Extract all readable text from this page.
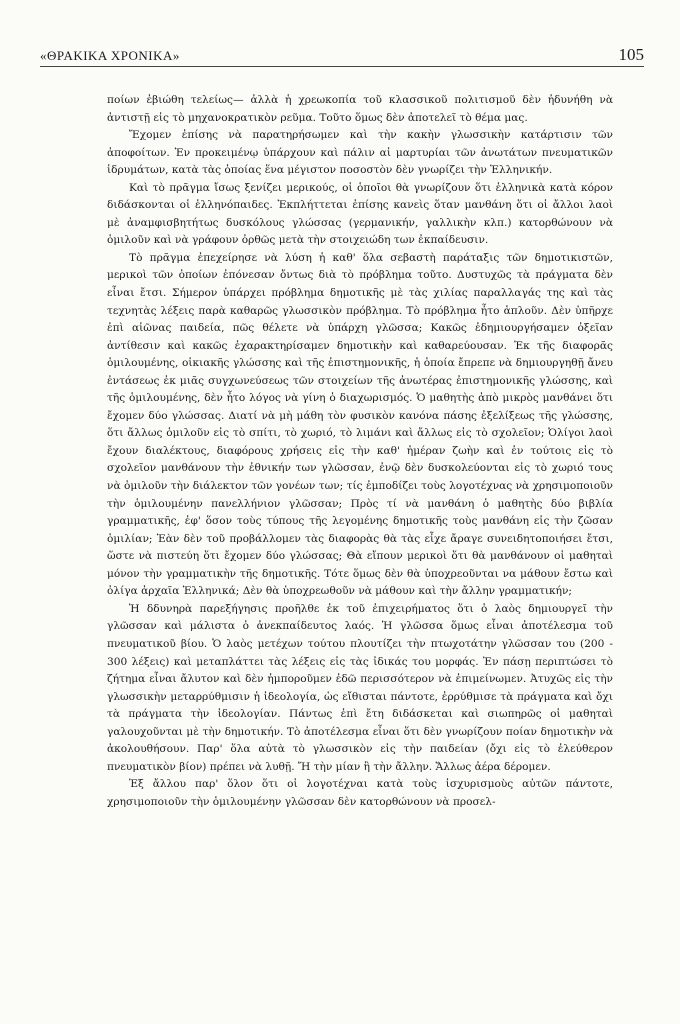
«ΘΡΑΚΙΚΑ ΧΡΟΝΙΚΑ»	105

ποίων ἐβιώθη τελείως— ἀλλὰ ἡ χρεωκοπία τοῦ κλασσικοῦ πολιτισμοῦ δὲν ἠδυνήθη νὰ ἀντιστῇ εἰς τὸ μηχανοκρατικὸν ρεῦμα. Τοῦτο ὅμως δὲν ἀποτελεῖ τὸ θέμα μας.

Ἔχομεν ἐπίσης νὰ παρατηρήσωμεν καὶ τὴν κακὴν γλωσσικὴν κατάρτισιν τῶν ἀποφοίτων. Ἐν προκειμένῳ ὑπάρχουν καὶ πάλιν αἱ μαρτυρίαι τῶν ἀνωτάτων πνευματικῶν ἱδρυμάτων, κατὰ τὰς ὁποίας ἕνα μέγιστον ποσοστὸν δὲν γνωρίζει τὴν Ἑλληνικήν.

Καὶ τὸ πρᾶγμα ἴσως ξενίζει μερικούς, οἱ ὁποῖοι θὰ γνωρίζουν ὅτι ἑλληνικὰ κατὰ κόρον διδάσκονται οἱ ἑλληνόπαιδες. Ἐκπλήττεται ἐπίσης κανεὶς ὅταν μανθάνη ὅτι οἱ ἄλλοι λαοὶ μὲ ἀναμφισβητήτως δυσκόλους γλώσσας (γερμανικήν, γαλλικὴν κλπ.) κατορθώνουν νὰ ὁμιλοῦν καὶ νὰ γράφουν ὀρθῶς μετὰ τὴν στοιχειώδη των ἐκπαίδευσιν.

Τὸ πρᾶγμα ἐπεχείρησε νὰ λύση ἡ καθ' ὅλα σεβαστὴ παράταξις τῶν δημοτικιστῶν, μερικοὶ τῶν ὁποίων ἐπόνεσαν ὄντως διὰ τὸ πρόβλημα τοῦτο. Δυστυχῶς τὰ πράγματα δὲν εἶναι ἔτσι. Σήμερον ὑπάρχει πρόβλημα δημοτικῆς μὲ τὰς χιλίας παραλλαγάς της καὶ τὰς τεχνητὰς λέξεις παρὰ καθαρῶς γλωσσικὸν πρόβλημα. Τὸ πρόβλημα ἦτο ἁπλοῦν. Δὲν ὑπῆρχε ἐπὶ αἰῶνας παιδεία, πῶς θέλετε νὰ ὑπάρχη γλῶσσα; Κακῶς ἐδημιουργήσαμεν ὀξεῖαν ἀντίθεσιν καὶ κακῶς ἐχαρακτηρίσαμεν δημοτικὴν καὶ καθαρεύουσαν. Ἐκ τῆς διαφορᾶς ὁμιλουμένης, οἰκιακῆς γλώσσης καὶ τῆς ἐπιστημονικῆς, ἡ ὁποία ἔπρεπε νὰ δημιουργηθῇ ἄνευ ἐντάσεως ἐκ μιᾶς συγχωνεύσεως τῶν στοιχείων τῆς ἀνωτέρας ἐπιστημονικῆς γλώσσης, καὶ τῆς ὁμιλουμένης, δὲν ἦτο λόγος νὰ γίνη ὁ διαχωρισμός. Ὁ μαθητὴς ἀπὸ μικρὸς μανθάνει ὅτι ἔχομεν δύο γλώσσας. Διατί νὰ μὴ μάθη τὸν φυσικὸν κανόνα πάσης ἐξελίξεως τῆς γλώσσης, ὅτι ἄλλως ὁμιλοῦν εἰς τὸ σπίτι, τὸ χωριό, τὸ λιμάνι καὶ ἄλλως εἰς τὸ σχολεῖον; Ὀλίγοι λαοὶ ἔχουν διαλέκτους, διαφόρους χρήσεις εἰς τὴν καθ' ἡμέραν ζωὴν καὶ ἐν τούτοις εἰς τὸ σχολεῖον μανθάνουν τὴν ἐθνικήν των γλῶσσαν, ἐνῷ δὲν δυσκολεύονται εἰς τὸ χωριό τους νὰ ὁμιλοῦν τὴν διάλεκτον τῶν γονέων των; τίς ἐμποδίζει τοὺς λογοτέχνας νὰ χρησιμοποιοῦν τὴν ὁμιλουμένην πανελλήνιον γλῶσσαν; Πρὸς τί νὰ μανθάνη ὁ μαθητὴς δύο βιβλία γραμματικῆς, ἐφ' ὅσον τοὺς τύπους τῆς λεγομένης δημοτικῆς τοὺς μανθάνη εἰς τὴν ζῶσαν ὁμιλίαν; Ἐὰν δὲν τοῦ προβάλλομεν τὰς διαφορὰς θὰ τὰς εἶχε ἄραγε συνειδητοποιήσει ἔτσι, ὥστε νὰ πιστεύη ὅτι ἔχομεν δύο γλώσσας; Θὰ εἴπουν μερικοὶ ὅτι θὰ μανθάνουν οἱ μαθηταὶ μόνον τὴν γραμματικὴν τῆς δημοτικῆς. Τότε ὅμως δὲν θὰ ὑποχρεοῦνται να μάθουν ἔστω καὶ ὀλίγα ἀρχαῖα Ἑλληνικά; Δὲν θὰ ὑποχρεωθοῦν νὰ μάθουν καὶ τὴν ἄλλην γραμματικήν;

Ἡ δδυνηρὰ παρεξήγησις προῆλθε ἐκ τοῦ ἐπιχειρήματος ὅτι ὁ λαὸς δημιουργεῖ τὴν γλῶσσαν καὶ μάλιστα ὁ ἀνεκπαίδευτος λαός. Ἡ γλῶσσα ὅμως εἶναι ἀποτέλεσμα τοῦ πνευματικοῦ βίου. Ὁ λαὸς μετέχων τούτου πλουτίζει τὴν πτωχοτάτην γλῶσσαν του (200 - 300 λέξεις) καὶ μεταπλάττει τὰς λέξεις εἰς τὰς ἰδικάς του μορφάς. Ἐν πάσῃ περιπτώσει τὸ ζήτημα εἶναι ἄλυτον καὶ δὲν ἠμποροῦμεν ἐδῶ περισσότερον νὰ ἐπιμείνωμεν. Ἀτυχῶς εἰς τὴν γλωσσικὴν μεταρρύθμισιν ἡ ἰδεολογία, ὡς εἴθισται πάντοτε, ἐρρύθμισε τὰ πράγματα καὶ ὄχι τὰ πράγματα τὴν ἰδεολογίαν. Πάντως ἐπὶ ἔτη διδάσκεται καὶ σιωπηρῶς οἱ μαθηταὶ γαλουχοῦνται μὲ τὴν δημοτικήν. Τὸ ἀποτέλεσμα εἶναι ὅτι δὲν γνωρίζουν ποίαν δημοτικὴν νὰ ἀκολουθήσουν. Παρ' ὅλα αὐτὰ τὸ γλωσσικὸν εἰς τὴν παιδείαν (ὄχι εἰς τὸ ἐλεύθερον πνευματικὸν βίον) πρέπει νὰ λυθῇ. Ἤ τὴν μίαν ἢ τὴν ἄλλην. Ἄλλως ἀέρα δέρομεν.

Ἐξ ἄλλου παρ' ὅλον ὅτι οἱ λογοτέχναι κατὰ τοὺς ἰσχυρισμοὺς αὐτῶν πάντοτε, χρησιμοποιοῦν τὴν ὁμιλουμένην γλῶσσαν δὲν κατορθώνουν νὰ προσελ-
